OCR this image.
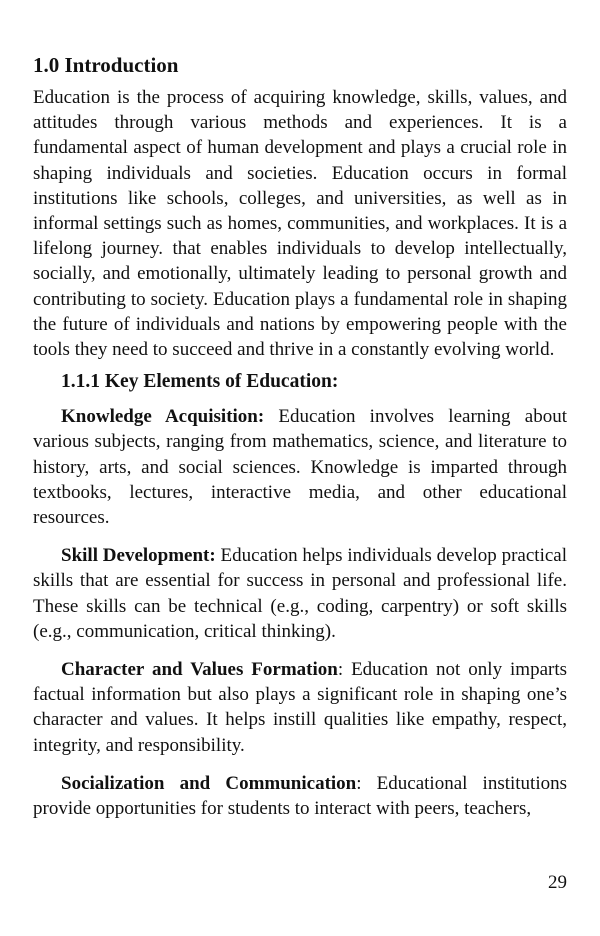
1.0 Introduction

Education is the process of acquiring knowledge, skills, values, and attitudes through various methods and experiences. It is a fundamental aspect of human development and plays a crucial role in shaping individuals and societies. Education occurs in formal institutions like schools, colleges, and universities, as well as in informal settings such as homes, communities, and workplaces. It is a lifelong journey. that enables individuals to develop intellectually, socially, and emotionally, ultimately leading to personal growth and contributing to society. Education plays a fundamental role in shaping the future of individuals and nations by empowering people with the tools they need to succeed and thrive in a constantly evolving world.

1.1.1 Key Elements of Education:

Knowledge Acquisition: Education involves learning about various subjects, ranging from mathematics, science, and literature to history, arts, and social sciences. Knowledge is imparted through textbooks, lectures, interactive media, and other educational resources.

Skill Development: Education helps individuals develop practical skills that are essential for success in personal and professional life. These skills can be technical (e.g., coding, carpentry) or soft skills (e.g., communication, critical thinking).

Character and Values Formation: Education not only imparts factual information but also plays a significant role in shaping one’s character and values. It helps instill qualities like empathy, respect, integrity, and responsibility.

Socialization and Communication: Educational institutions provide opportunities for students to interact with peers, teachers,

29
